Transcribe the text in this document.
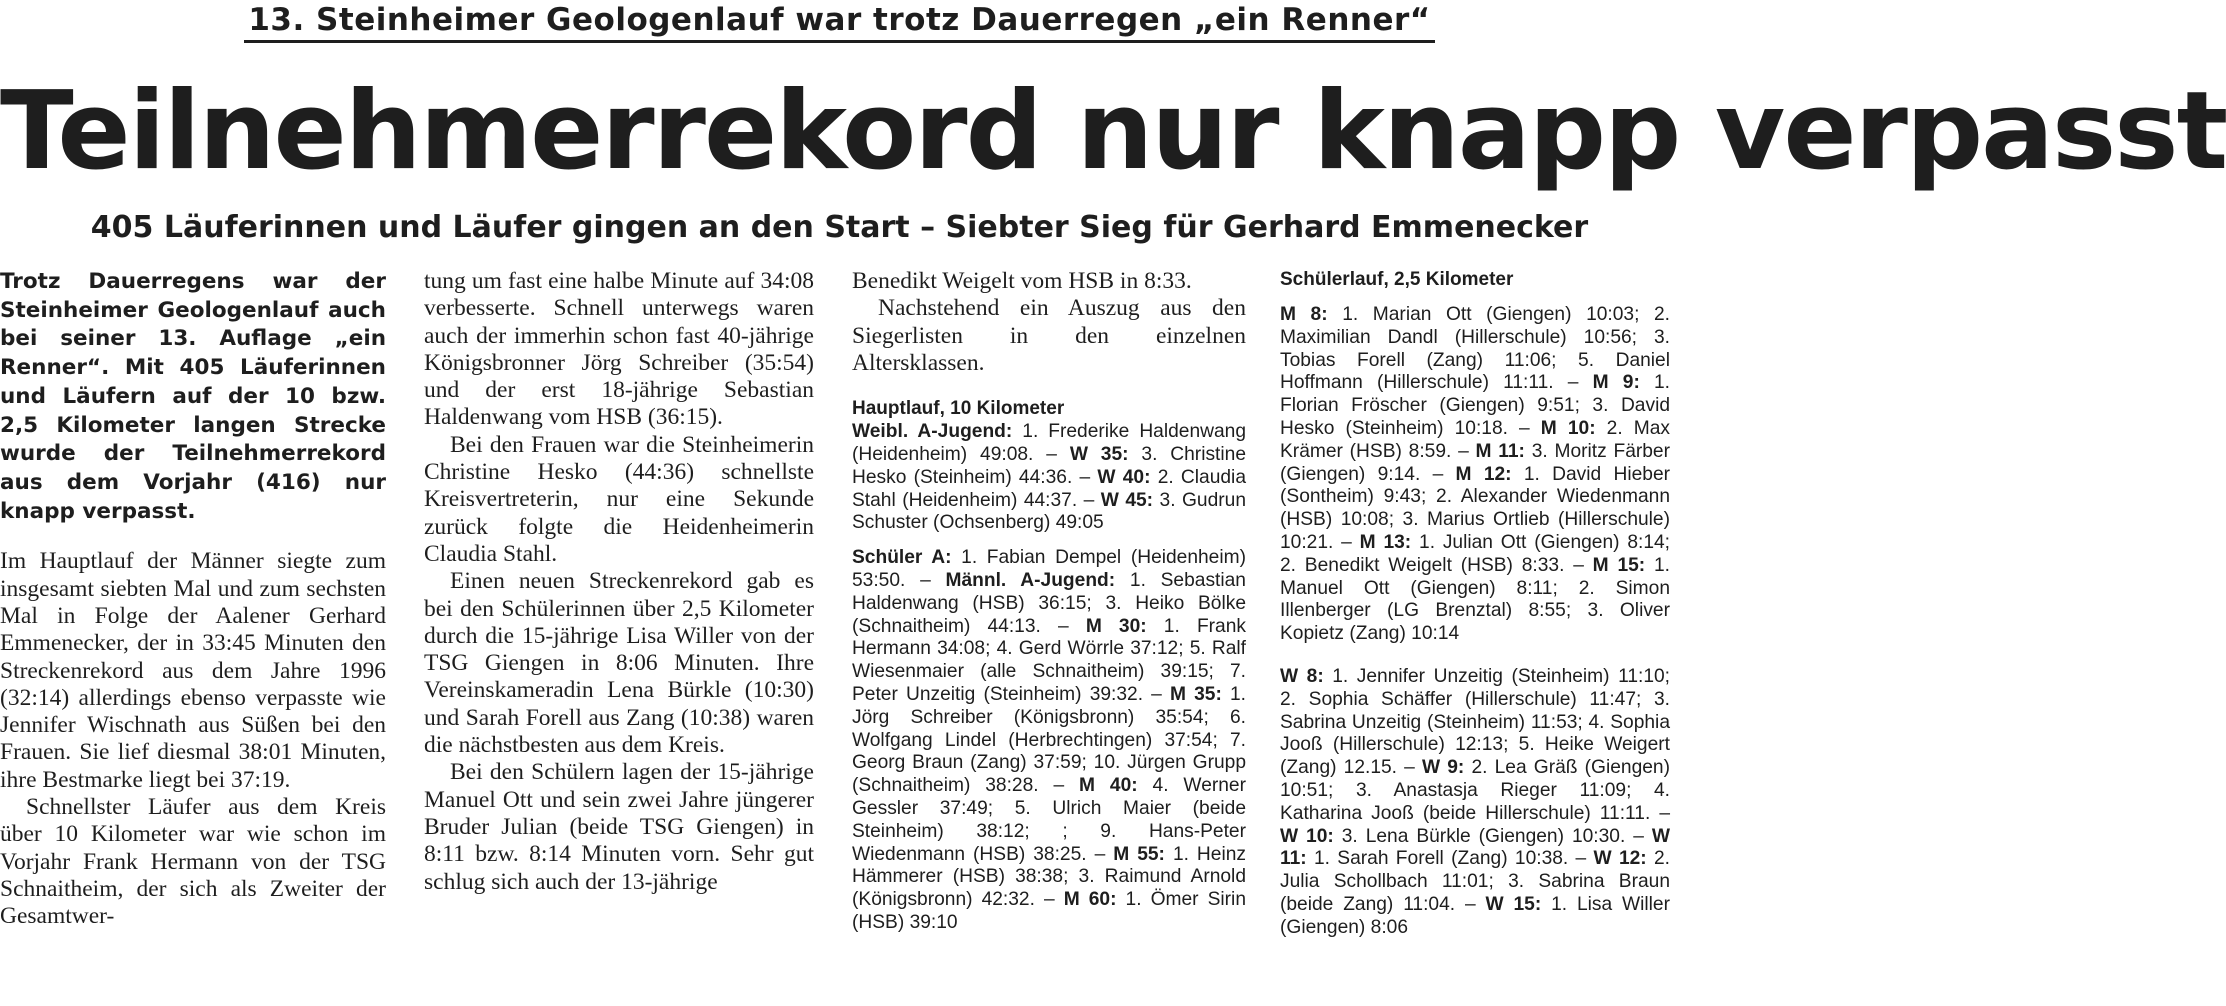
13. Steinheimer Geologenlauf war trotz Dauerregen „ein Renner“
Teilnehmerrekord nur knapp verpasst
405 Läuferinnen und Läufer gingen an den Start – Siebter Sieg für Gerhard Emmenecker

Trotz Dauerregens war der Steinheimer Geologenlauf auch bei seiner 13. Auflage „ein Renner“. Mit 405 Läuferinnen und Läufern auf der 10 bzw. 2,5 Kilometer langen Strecke wurde der Teilnehmerrekord aus dem Vorjahr (416) nur knapp verpasst.

Im Hauptlauf der Männer siegte zum insgesamt siebten Mal und zum sechsten Mal in Folge der Aalener Gerhard Emmenecker, der in 33:45 Minuten den Streckenrekord aus dem Jahre 1996 (32:14) allerdings ebenso verpasste wie Jennifer Wischnath aus Süßen bei den Frauen. Sie lief diesmal 38:01 Minuten, ihre Bestmarke liegt bei 37:19.

Schnellster Läufer aus dem Kreis über 10 Kilometer war wie schon im Vorjahr Frank Hermann von der TSG Schnaitheim, der sich als Zweiter der Gesamtwer-

tung um fast eine halbe Minute auf 34:08 verbesserte. Schnell unterwegs waren auch der immerhin schon fast 40-jährige Königsbronner Jörg Schreiber (35:54) und der erst 18-jährige Sebastian Haldenwang vom HSB (36:15).

Bei den Frauen war die Steinheimerin Christine Hesko (44:36) schnellste Kreisvertreterin, nur eine Sekunde zurück folgte die Heidenheimerin Claudia Stahl.

Einen neuen Streckenrekord gab es bei den Schülerinnen über 2,5 Kilometer durch die 15-jährige Lisa Willer von der TSG Giengen in 8:06 Minuten. Ihre Vereinskameradin Lena Bürkle (10:30) und Sarah Forell aus Zang (10:38) waren die nächstbesten aus dem Kreis.

Bei den Schülern lagen der 15-jährige Manuel Ott und sein zwei Jahre jüngerer Bruder Julian (beide TSG Giengen) in 8:11 bzw. 8:14 Minuten vorn. Sehr gut schlug sich auch der 13-jährige

Benedikt Weigelt vom HSB in 8:33.

Nachstehend ein Auszug aus den Siegerlisten in den einzelnen Altersklassen.

Hauptlauf, 10 Kilometer

Weibl. A-Jugend: 1. Frederike Haldenwang (Heidenheim) 49:08. – W 35: 3. Christine Hesko (Steinheim) 44:36. – W 40: 2. Claudia Stahl (Heidenheim) 44:37. – W 45: 3. Gudrun Schuster (Ochsenberg) 49:05

Schüler A: 1. Fabian Dempel (Heidenheim) 53:50. – Männl. A-Jugend: 1. Sebastian Haldenwang (HSB) 36:15; 3. Heiko Bölke (Schnaitheim) 44:13. – M 30: 1. Frank Hermann 34:08; 4. Gerd Wörrle 37:12; 5. Ralf Wiesenmaier (alle Schnaitheim) 39:15; 7. Peter Unzeitig (Steinheim) 39:32. – M 35: 1. Jörg Schreiber (Königsbronn) 35:54; 6. Wolfgang Lindel (Herbrechtingen) 37:54; 7. Georg Braun (Zang) 37:59; 10. Jürgen Grupp (Schnaitheim) 38:28. – M 40: 4. Werner Gessler 37:49; 5. Ulrich Maier (beide Steinheim) 38:12; ; 9. Hans-Peter Wiedenmann (HSB) 38:25. – M 55: 1. Heinz Hämmerer (HSB) 38:38; 3. Raimund Arnold (Königsbronn) 42:32. – M 60: 1. Ömer Sirin (HSB) 39:10

Schülerlauf, 2,5 Kilometer

M 8: 1. Marian Ott (Giengen) 10:03; 2. Maximilian Dandl (Hillerschule) 10:56; 3. Tobias Forell (Zang) 11:06; 5. Daniel Hoffmann (Hillerschule) 11:11. – M 9: 1. Florian Fröscher (Giengen) 9:51; 3. David Hesko (Steinheim) 10:18. – M 10: 2. Max Krämer (HSB) 8:59. – M 11: 3. Moritz Färber (Giengen) 9:14. – M 12: 1. David Hieber (Sontheim) 9:43; 2. Alexander Wiedenmann (HSB) 10:08; 3. Marius Ortlieb (Hillerschule) 10:21. – M 13: 1. Julian Ott (Giengen) 8:14; 2. Benedikt Weigelt (HSB) 8:33. – M 15: 1. Manuel Ott (Giengen) 8:11; 2. Simon Illenberger (LG Brenztal) 8:55; 3. Oliver Kopietz (Zang) 10:14

W 8: 1. Jennifer Unzeitig (Steinheim) 11:10; 2. Sophia Schäffer (Hillerschule) 11:47; 3. Sabrina Unzeitig (Steinheim) 11:53; 4. Sophia Jooß (Hillerschule) 12:13; 5. Heike Weigert (Zang) 12.15. – W 9: 2. Lea Gräß (Giengen) 10:51; 3. Anastasja Rieger 11:09; 4. Katharina Jooß (beide Hillerschule) 11:11. – W 10: 3. Lena Bürkle (Giengen) 10:30. – W 11: 1. Sarah Forell (Zang) 10:38. – W 12: 2. Julia Schollbach 11:01; 3. Sabrina Braun (beide Zang) 11:04. – W 15: 1. Lisa Willer (Giengen) 8:06
